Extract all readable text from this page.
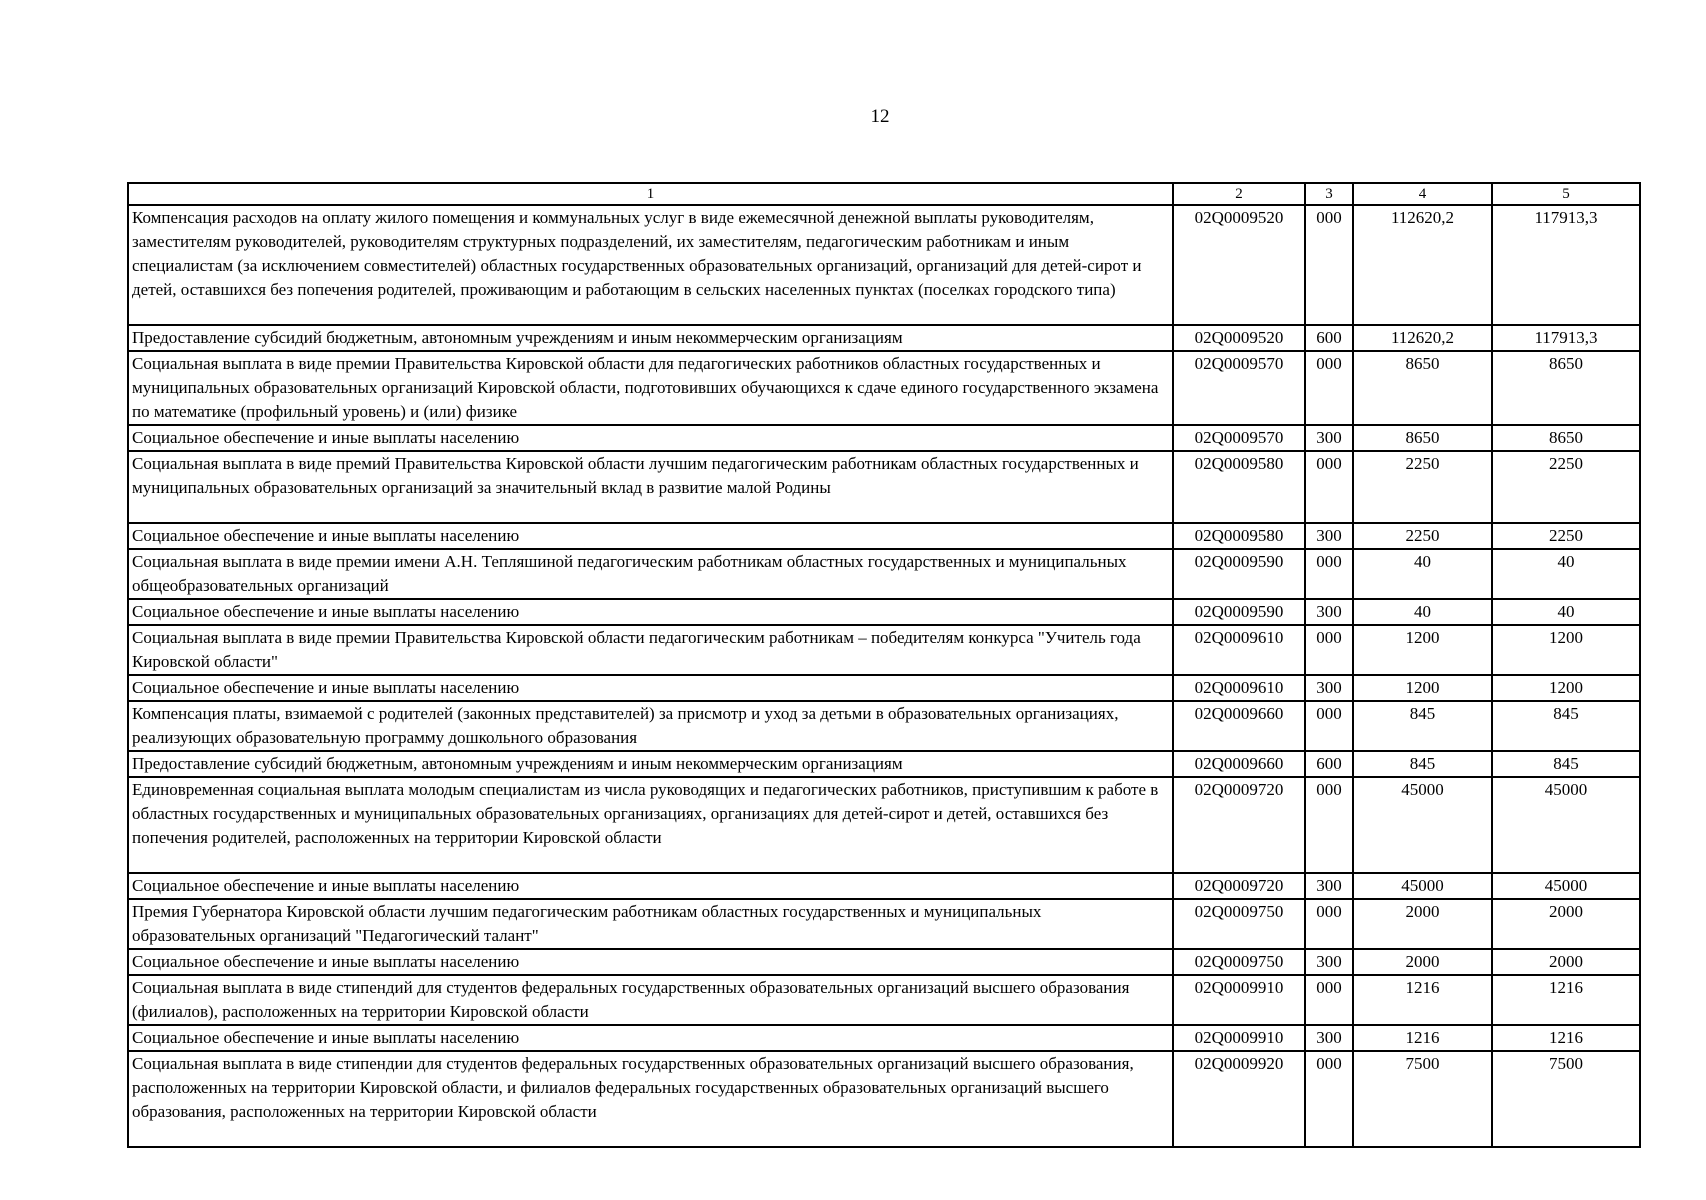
12
1	2	3	4	5
Компенсация расходов на оплату жилого помещения и коммунальных услуг в виде ежемесячной денежной выплаты руководителям, заместителям руководителей, руководителям структурных подразделений, их заместителям, педагогическим работникам и иным специалистам (за исключением совместителей) областных государственных образовательных организаций, организаций для детей-сирот и детей, оставшихся без попечения родителей, проживающим и работающим в сельских населенных пунктах (поселках городского типа)	02Q0009520	000	112620,2	117913,3
Предоставление субсидий бюджетным, автономным учреждениям и иным некоммерческим организациям	02Q0009520	600	112620,2	117913,3
Социальная выплата в виде премии Правительства Кировской области для педагогических работников областных государственных и муниципальных образовательных организаций Кировской области, подготовивших обучающихся к сдаче единого государственного экзамена по математике (профильный уровень) и (или) физике	02Q0009570	000	8650	8650
Социальное обеспечение и иные выплаты населению	02Q0009570	300	8650	8650
Социальная выплата в виде премий Правительства Кировской области лучшим педагогическим работникам областных государственных и муниципальных образовательных организаций за значительный вклад в развитие малой Родины	02Q0009580	000	2250	2250
Социальное обеспечение и иные выплаты населению	02Q0009580	300	2250	2250
Социальная выплата в виде премии имени А.Н. Тепляшиной педагогическим работникам областных государственных и муниципальных общеобразовательных организаций	02Q0009590	000	40	40
Социальное обеспечение и иные выплаты населению	02Q0009590	300	40	40
Социальная выплата в виде премии Правительства Кировской области педагогическим работникам – победителям конкурса "Учитель года Кировской области"	02Q0009610	000	1200	1200
Социальное обеспечение и иные выплаты населению	02Q0009610	300	1200	1200
Компенсация платы, взимаемой с родителей (законных представителей) за присмотр и уход за детьми в образовательных организациях, реализующих образовательную программу дошкольного образования	02Q0009660	000	845	845
Предоставление субсидий бюджетным, автономным учреждениям и иным некоммерческим организациям	02Q0009660	600	845	845
Единовременная социальная выплата молодым специалистам из числа руководящих и педагогических работников, приступившим к работе в областных государственных и муниципальных образовательных организациях, организациях для детей-сирот и детей, оставшихся без попечения родителей, расположенных на территории Кировской области	02Q0009720	000	45000	45000
Социальное обеспечение и иные выплаты населению	02Q0009720	300	45000	45000
Премия Губернатора Кировской области лучшим педагогическим работникам областных государственных и муниципальных образовательных организаций "Педагогический талант"	02Q0009750	000	2000	2000
Социальное обеспечение и иные выплаты населению	02Q0009750	300	2000	2000
Социальная выплата в виде стипендий для студентов федеральных государственных образовательных организаций высшего образования (филиалов), расположенных на территории Кировской области	02Q0009910	000	1216	1216
Социальное обеспечение и иные выплаты населению	02Q0009910	300	1216	1216
Социальная выплата в виде стипендии для студентов федеральных государственных образовательных организаций высшего образования, расположенных на территории Кировской области, и филиалов федеральных государственных образовательных организаций высшего образования, расположенных на территории Кировской области	02Q0009920	000	7500	7500
